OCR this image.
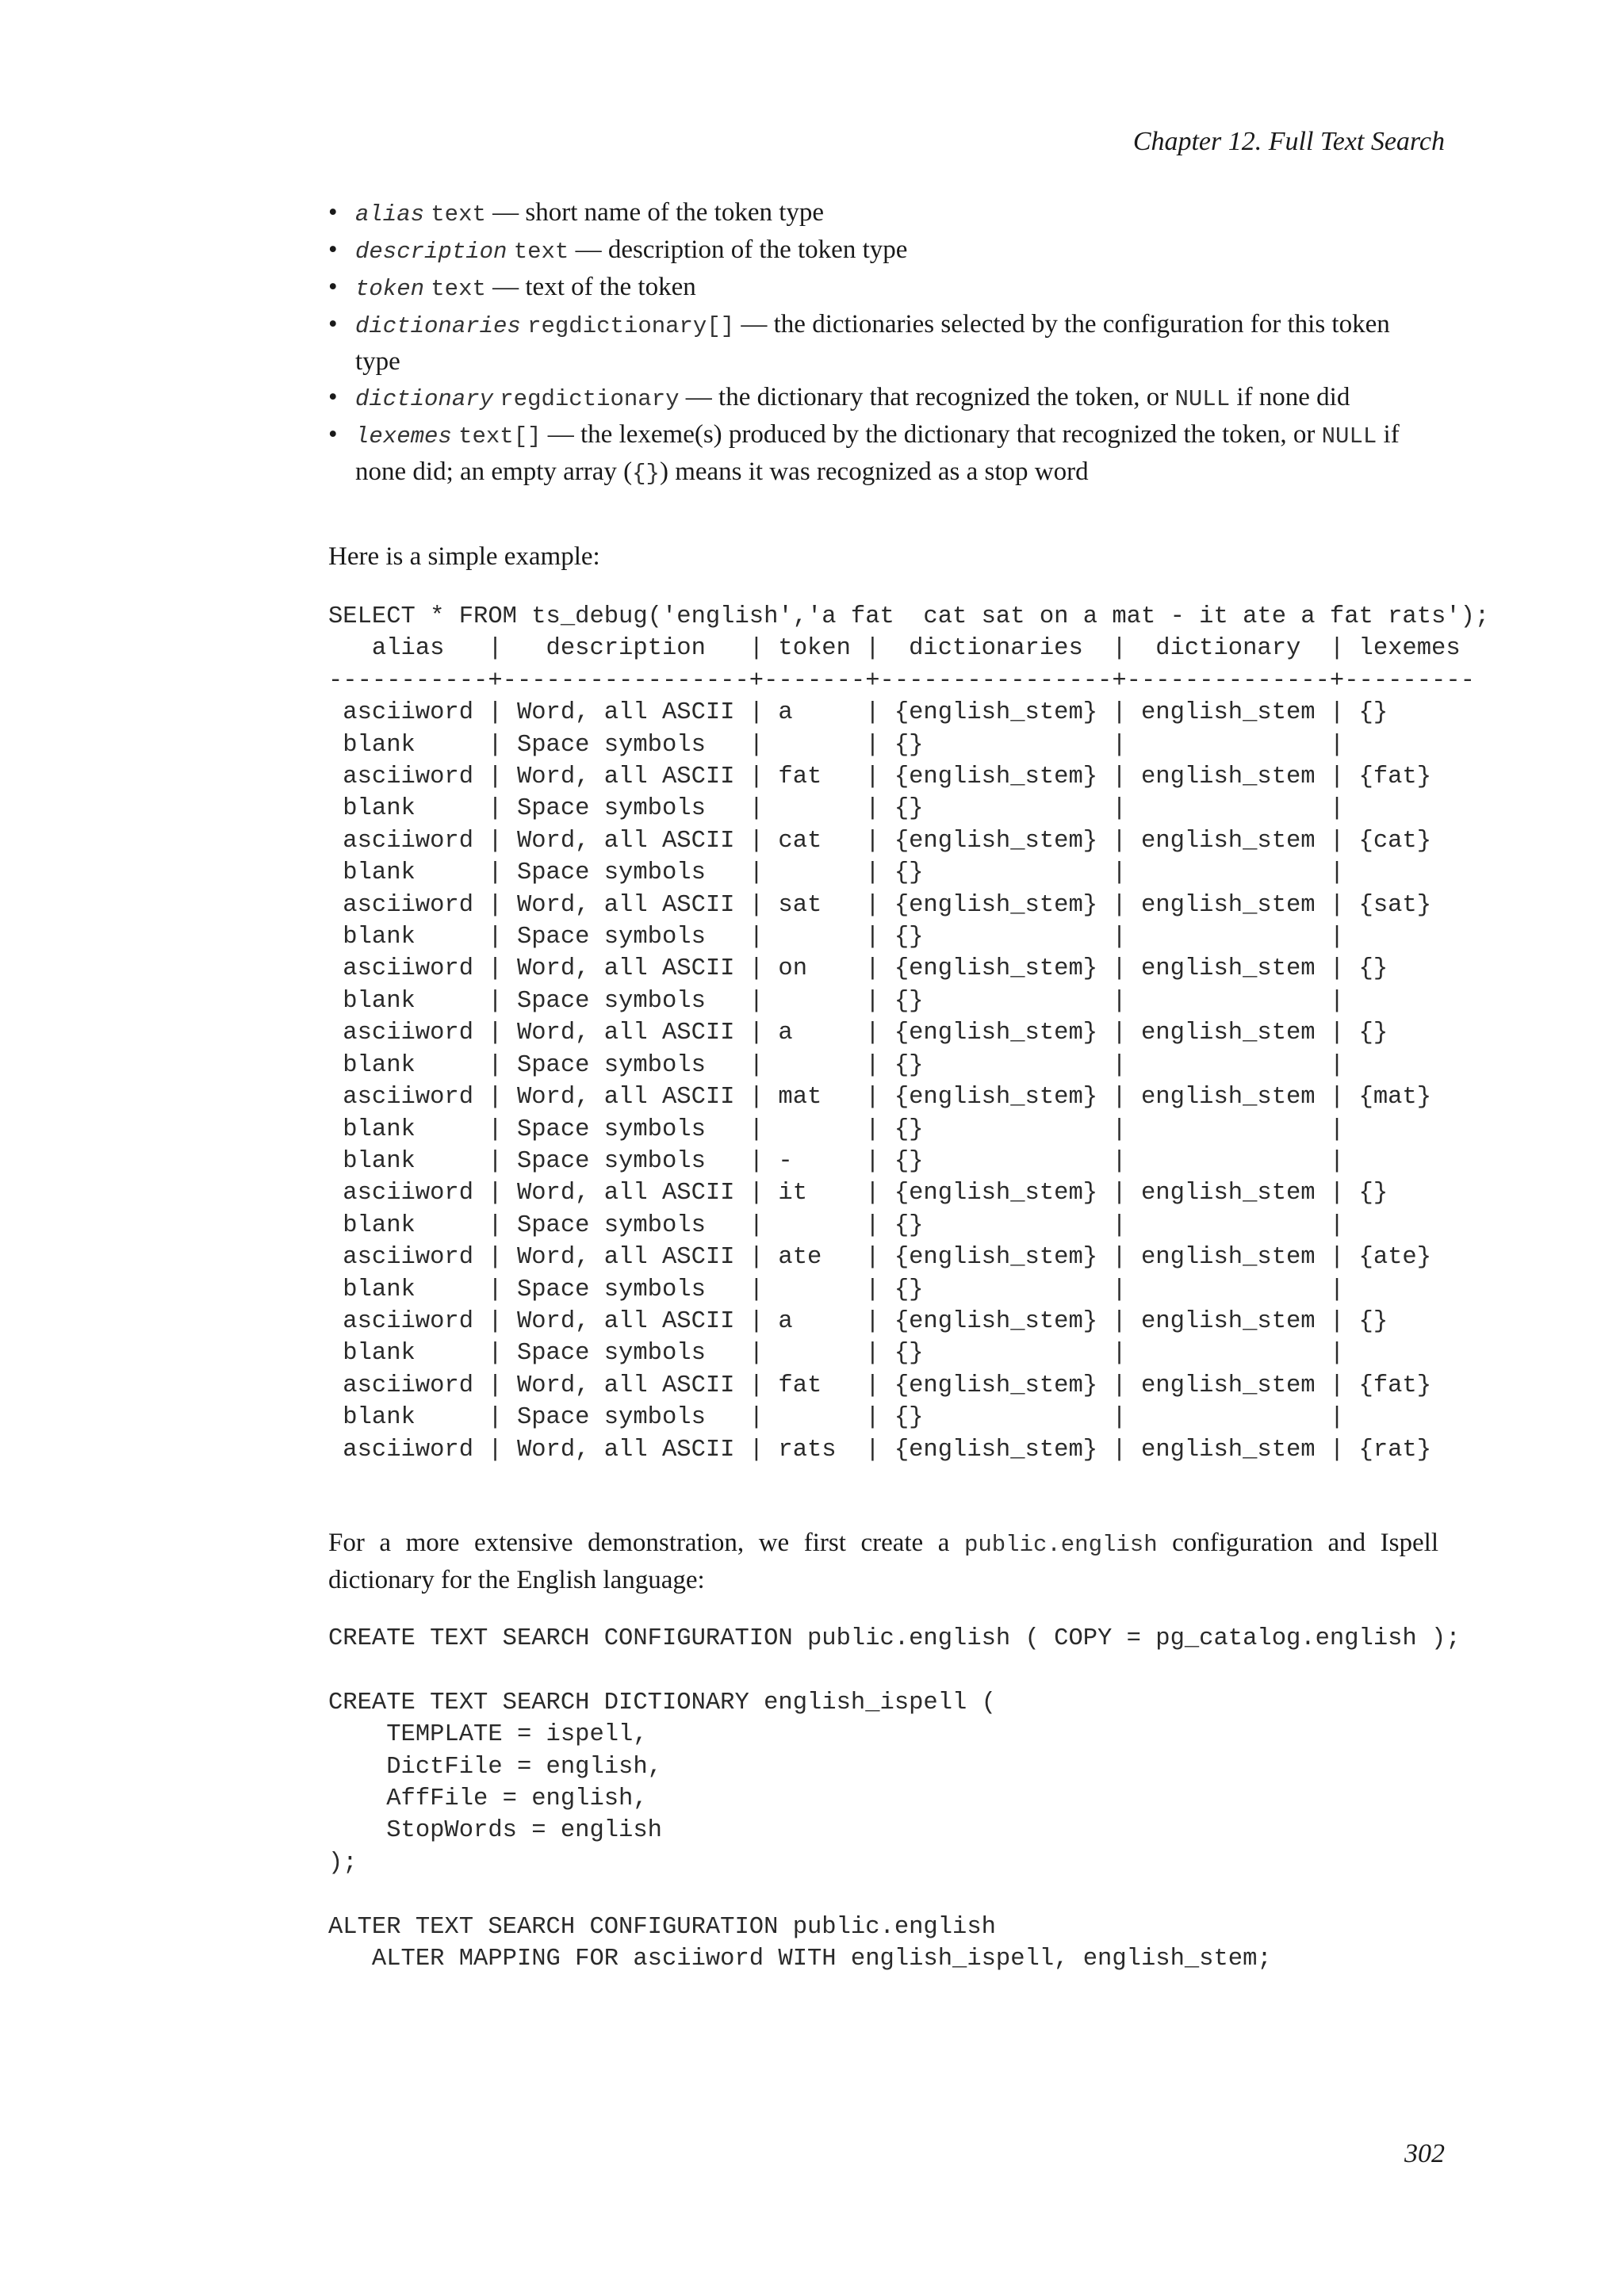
Chapter 12. Full Text Search
• alias text — short name of the token type
• description text — description of the token type
• token text — text of the token
• dictionaries regdictionary[] — the dictionaries selected by the configuration for this token type
• dictionary regdictionary — the dictionary that recognized the token, or NULL if none did
• lexemes text[] — the lexeme(s) produced by the dictionary that recognized the token, or NULL if none did; an empty array ({}) means it was recognized as a stop word

Here is a simple example:

SELECT * FROM ts_debug('english','a fat  cat sat on a mat - it ate a fat rats');
alias   |   description   | token |  dictionaries  |  dictionary  | lexemes
-----------+-----------------+-------+----------------+--------------+---------
asciiword | Word, all ASCII | a     | {english_stem} | english_stem | {}
blank     | Space symbols   |       | {}             |              |
asciiword | Word, all ASCII | fat   | {english_stem} | english_stem | {fat}
blank     | Space symbols   |       | {}             |              |
asciiword | Word, all ASCII | cat   | {english_stem} | english_stem | {cat}
blank     | Space symbols   |       | {}             |              |
asciiword | Word, all ASCII | sat   | {english_stem} | english_stem | {sat}
blank     | Space symbols   |       | {}             |              |
asciiword | Word, all ASCII | on    | {english_stem} | english_stem | {}
blank     | Space symbols   |       | {}             |              |
asciiword | Word, all ASCII | a     | {english_stem} | english_stem | {}
blank     | Space symbols   |       | {}             |              |
asciiword | Word, all ASCII | mat   | {english_stem} | english_stem | {mat}
blank     | Space symbols   |       | {}             |              |
blank     | Space symbols   | -     | {}             |              |
asciiword | Word, all ASCII | it    | {english_stem} | english_stem | {}
blank     | Space symbols   |       | {}             |              |
asciiword | Word, all ASCII | ate   | {english_stem} | english_stem | {ate}
blank     | Space symbols   |       | {}             |              |
asciiword | Word, all ASCII | a     | {english_stem} | english_stem | {}
blank     | Space symbols   |       | {}             |              |
asciiword | Word, all ASCII | fat   | {english_stem} | english_stem | {fat}
blank     | Space symbols   |       | {}             |              |
asciiword | Word, all ASCII | rats  | {english_stem} | english_stem | {rat}

For a more extensive demonstration, we first create a public.english configuration and Ispell dictionary for the English language:

CREATE TEXT SEARCH CONFIGURATION public.english ( COPY = pg_catalog.english );

CREATE TEXT SEARCH DICTIONARY english_ispell (
TEMPLATE = ispell,
DictFile = english,
AffFile = english,
StopWords = english
);

ALTER TEXT SEARCH CONFIGURATION public.english
ALTER MAPPING FOR asciiword WITH english_ispell, english_stem;
302
